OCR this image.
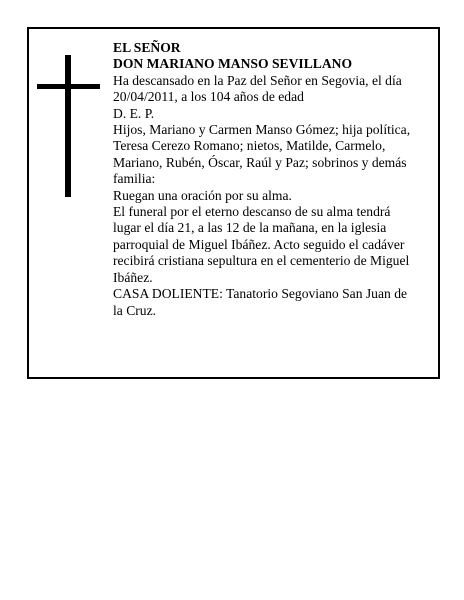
EL SEÑOR

DON MARIANO MANSO SEVILLANO

Ha descansado en la Paz del Señor en Segovia, el día 20/04/2011, a los 104 años de edad

D. E. P.

Hijos, Mariano y Carmen Manso Gómez; hija política, Teresa Cerezo Romano; nietos, Matilde, Carmelo, Mariano, Rubén, Óscar, Raúl y Paz; sobrinos y demás familia:

Ruegan una oración por su alma.

El funeral por el eterno descanso de su alma tendrá lugar el día 21, a las 12 de la mañana, en la iglesia parroquial de Miguel Ibáñez. Acto seguido el cadáver recibirá cristiana sepultura en el cementerio de Miguel Ibáñez.

CASA DOLIENTE: Tanatorio Segoviano San Juan de la Cruz.
